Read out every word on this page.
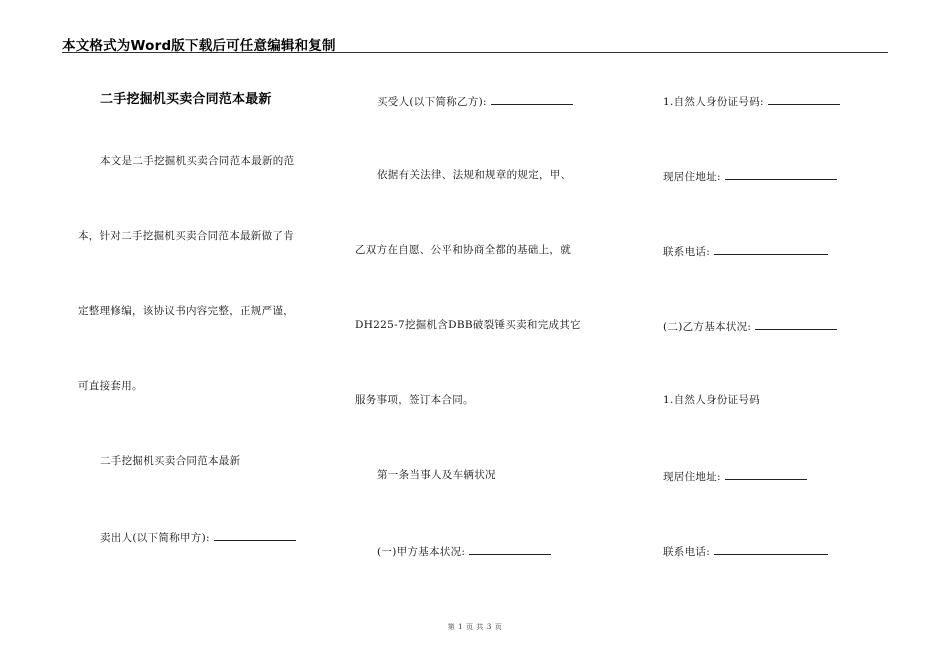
本文格式为Word版下载后可任意编辑和复制
二手挖掘机买卖合同范本最新
本文是二手挖掘机买卖合同范本最新的范
本，针对二手挖掘机买卖合同范本最新做了肯
定整理修编，该协议书内容完整，正规严谨，
可直接套用。
二手挖掘机买卖合同范本最新
卖出人(以下简称甲方):
买受人(以下简称乙方):
依据有关法律、法规和规章的规定，甲、
乙双方在自愿、公平和协商全都的基础上，就
DH225-7挖掘机含DBB破裂锤买卖和完成其它
服务事项，签订本合同。
第一条当事人及车辆状况
(一)甲方基本状况:
1.自然人身份证号码:
现居住地址:
联系电话:
(二)乙方基本状况:
1.自然人身份证号码
现居住地址:
联系电话:
第 1 页 共 3 页
